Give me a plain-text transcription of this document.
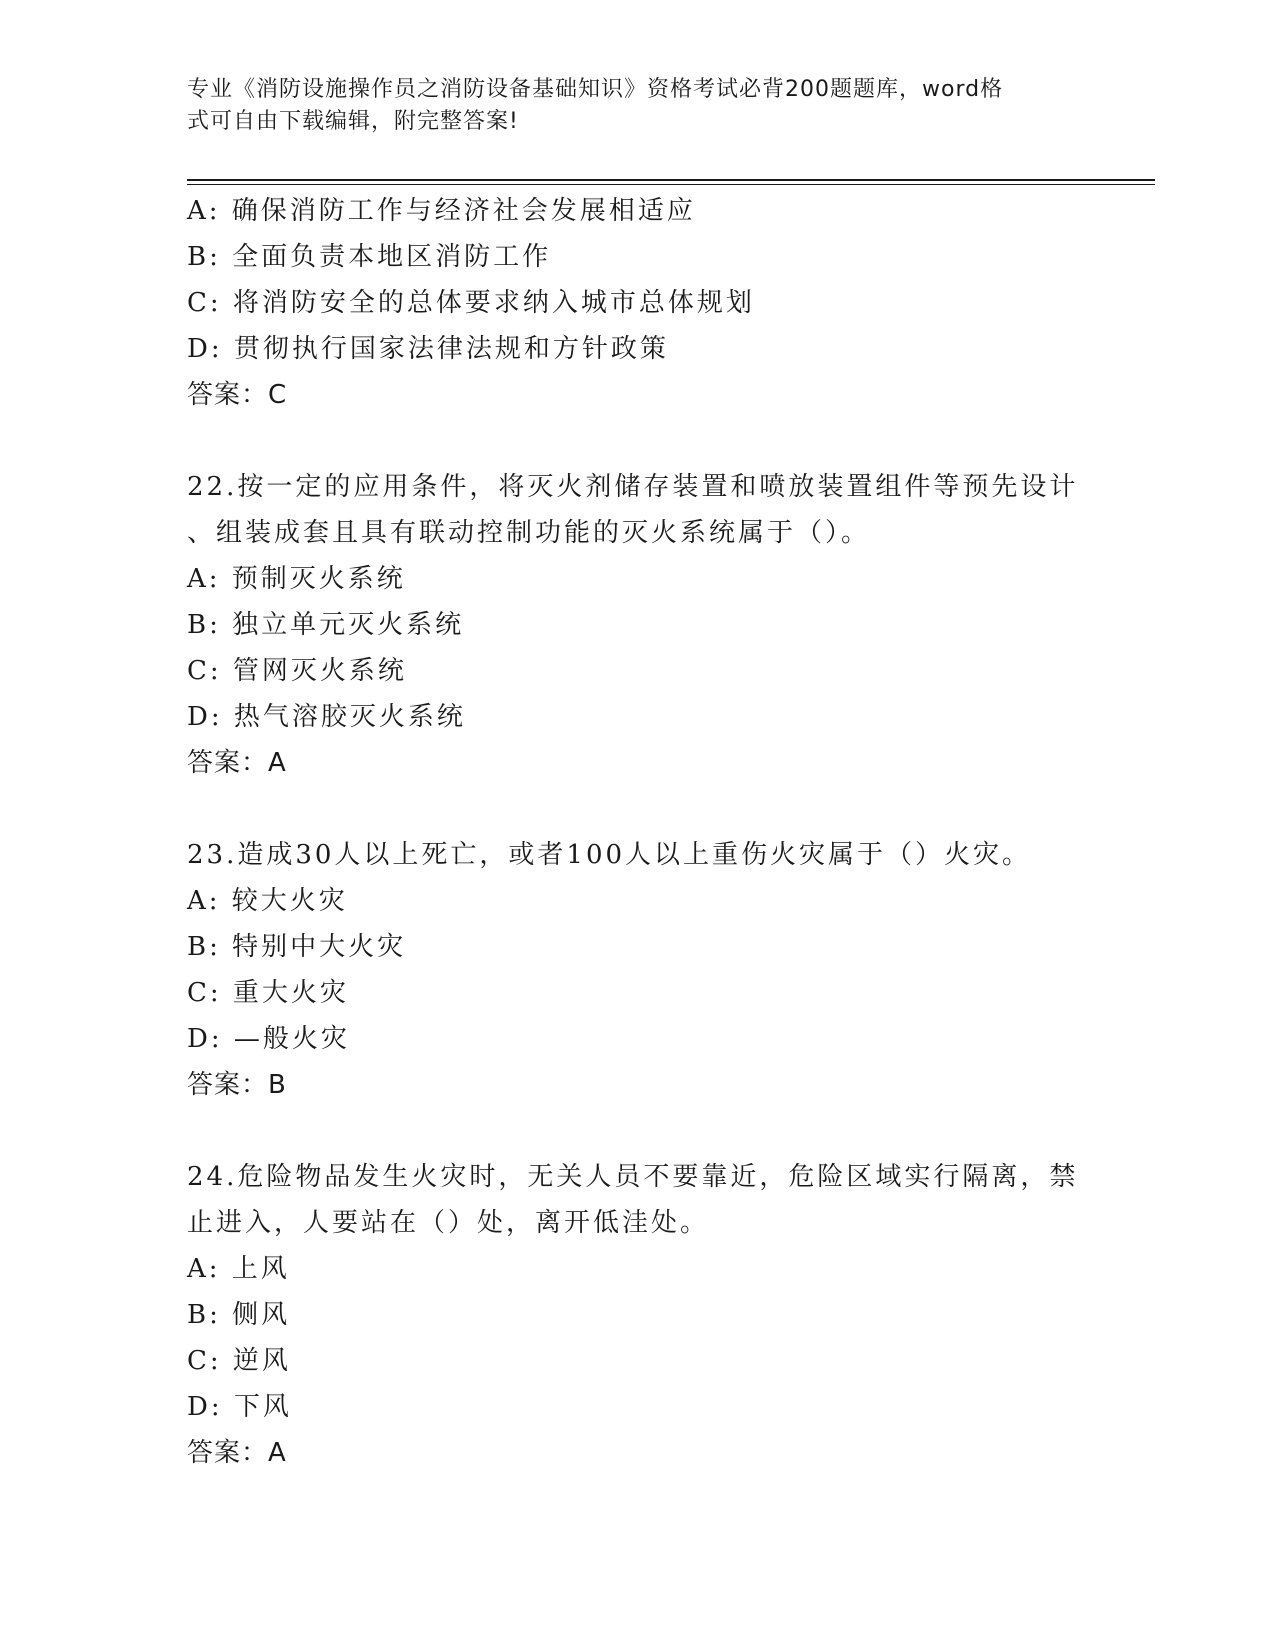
专业《消防设施操作员之消防设备基础知识》资格考试必背200题题库，word格
式可自由下载编辑，附完整答案!
A: 确保消防工作与经济社会发展相适应
B: 全面负责本地区消防工作
C: 将消防安全的总体要求纳入城市总体规划
D: 贯彻执行国家法律法规和方针政策
答案：C
22.按一定的应用条件，将灭火剂储存装置和喷放装置组件等预先设计
、组装成套且具有联动控制功能的灭火系统属于（）。
A: 预制灭火系统
B: 独立单元灭火系统
C: 管网灭火系统
D: 热气溶胶灭火系统
答案：A
23.造成30人以上死亡，或者100人以上重伤火灾属于（）火灾。
A: 较大火灾
B: 特别中大火灾
C: 重大火灾
D: —般火灾
答案：B
24.危险物品发生火灾时，无关人员不要靠近，危险区域实行隔离，禁
止进入，人要站在（）处，离开低洼处。
A: 上风
B: 侧风
C: 逆风
D: 下风
答案：A
